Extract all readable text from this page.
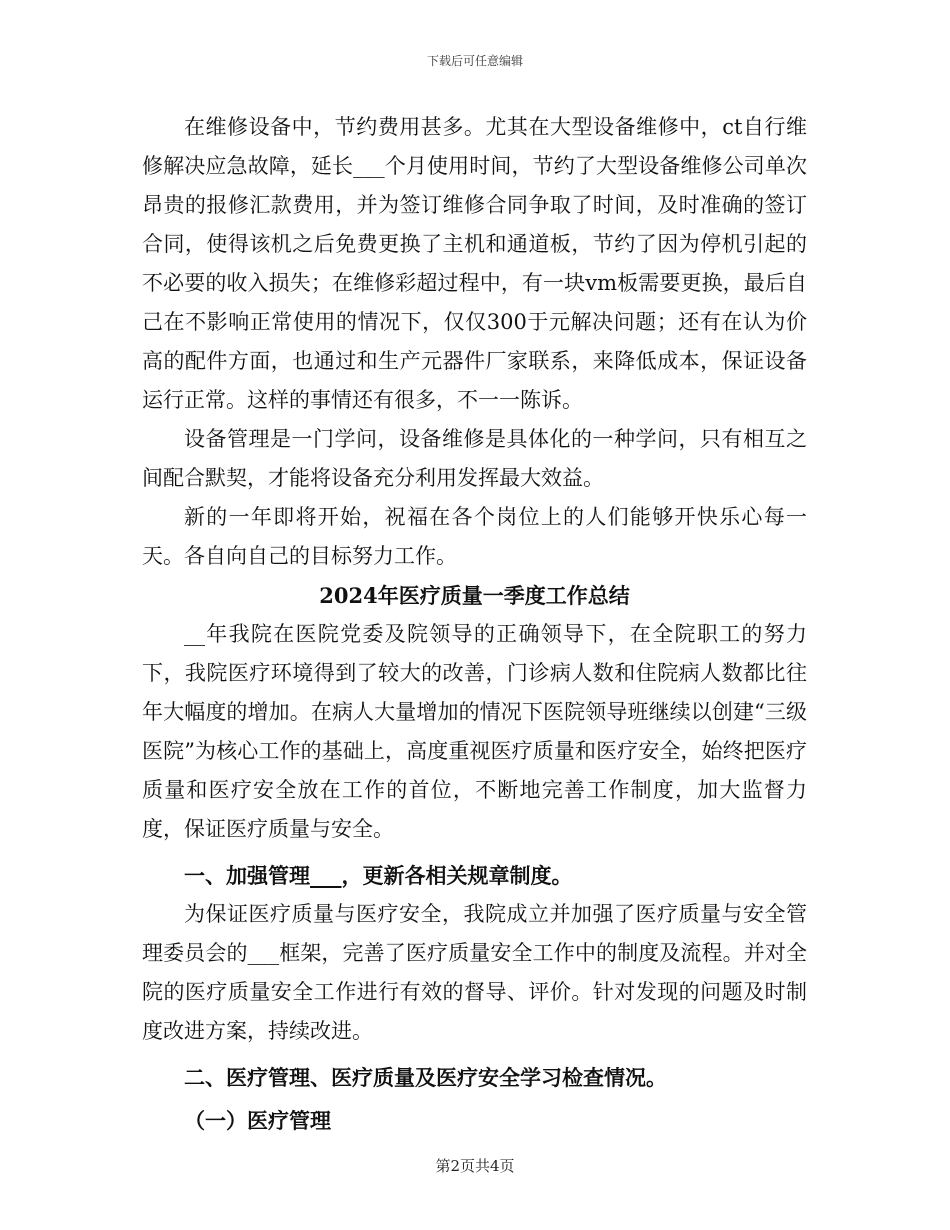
下载后可任意编辑

在维修设备中，节约费用甚多。尤其在大型设备维修中，ct自行维修解决应急故障，延长___个月使用时间，节约了大型设备维修公司单次昂贵的报修汇款费用，并为签订维修合同争取了时间，及时准确的签订合同，使得该机之后免费更换了主机和通道板，节约了因为停机引起的不必要的收入损失；在维修彩超过程中，有一块vm板需要更换，最后自己在不影响正常使用的情况下，仅仅300于元解决问题；还有在认为价高的配件方面，也通过和生产元器件厂家联系，来降低成本，保证设备运行正常。这样的事情还有很多，不一一陈诉。

设备管理是一门学问，设备维修是具体化的一种学问，只有相互之间配合默契，才能将设备充分利用发挥最大效益。

新的一年即将开始，祝福在各个岗位上的人们能够开快乐心每一天。各自向自己的目标努力工作。

2024年医疗质量一季度工作总结

__年我院在医院党委及院领导的正确领导下，在全院职工的努力下，我院医疗环境得到了较大的改善，门诊病人数和住院病人数都比往年大幅度的增加。在病人大量增加的情况下医院领导班继续以创建“三级医院”为核心工作的基础上，高度重视医疗质量和医疗安全，始终把医疗质量和医疗安全放在工作的首位，不断地完善工作制度，加大监督力度，保证医疗质量与安全。

一、加强管理___，更新各相关规章制度。

为保证医疗质量与医疗安全，我院成立并加强了医疗质量与安全管理委员会的___框架，完善了医疗质量安全工作中的制度及流程。并对全院的医疗质量安全工作进行有效的督导、评价。针对发现的问题及时制度改进方案，持续改进。

二、医疗管理、医疗质量及医疗安全学习检查情况。
（一）医疗管理
第2页共4页
